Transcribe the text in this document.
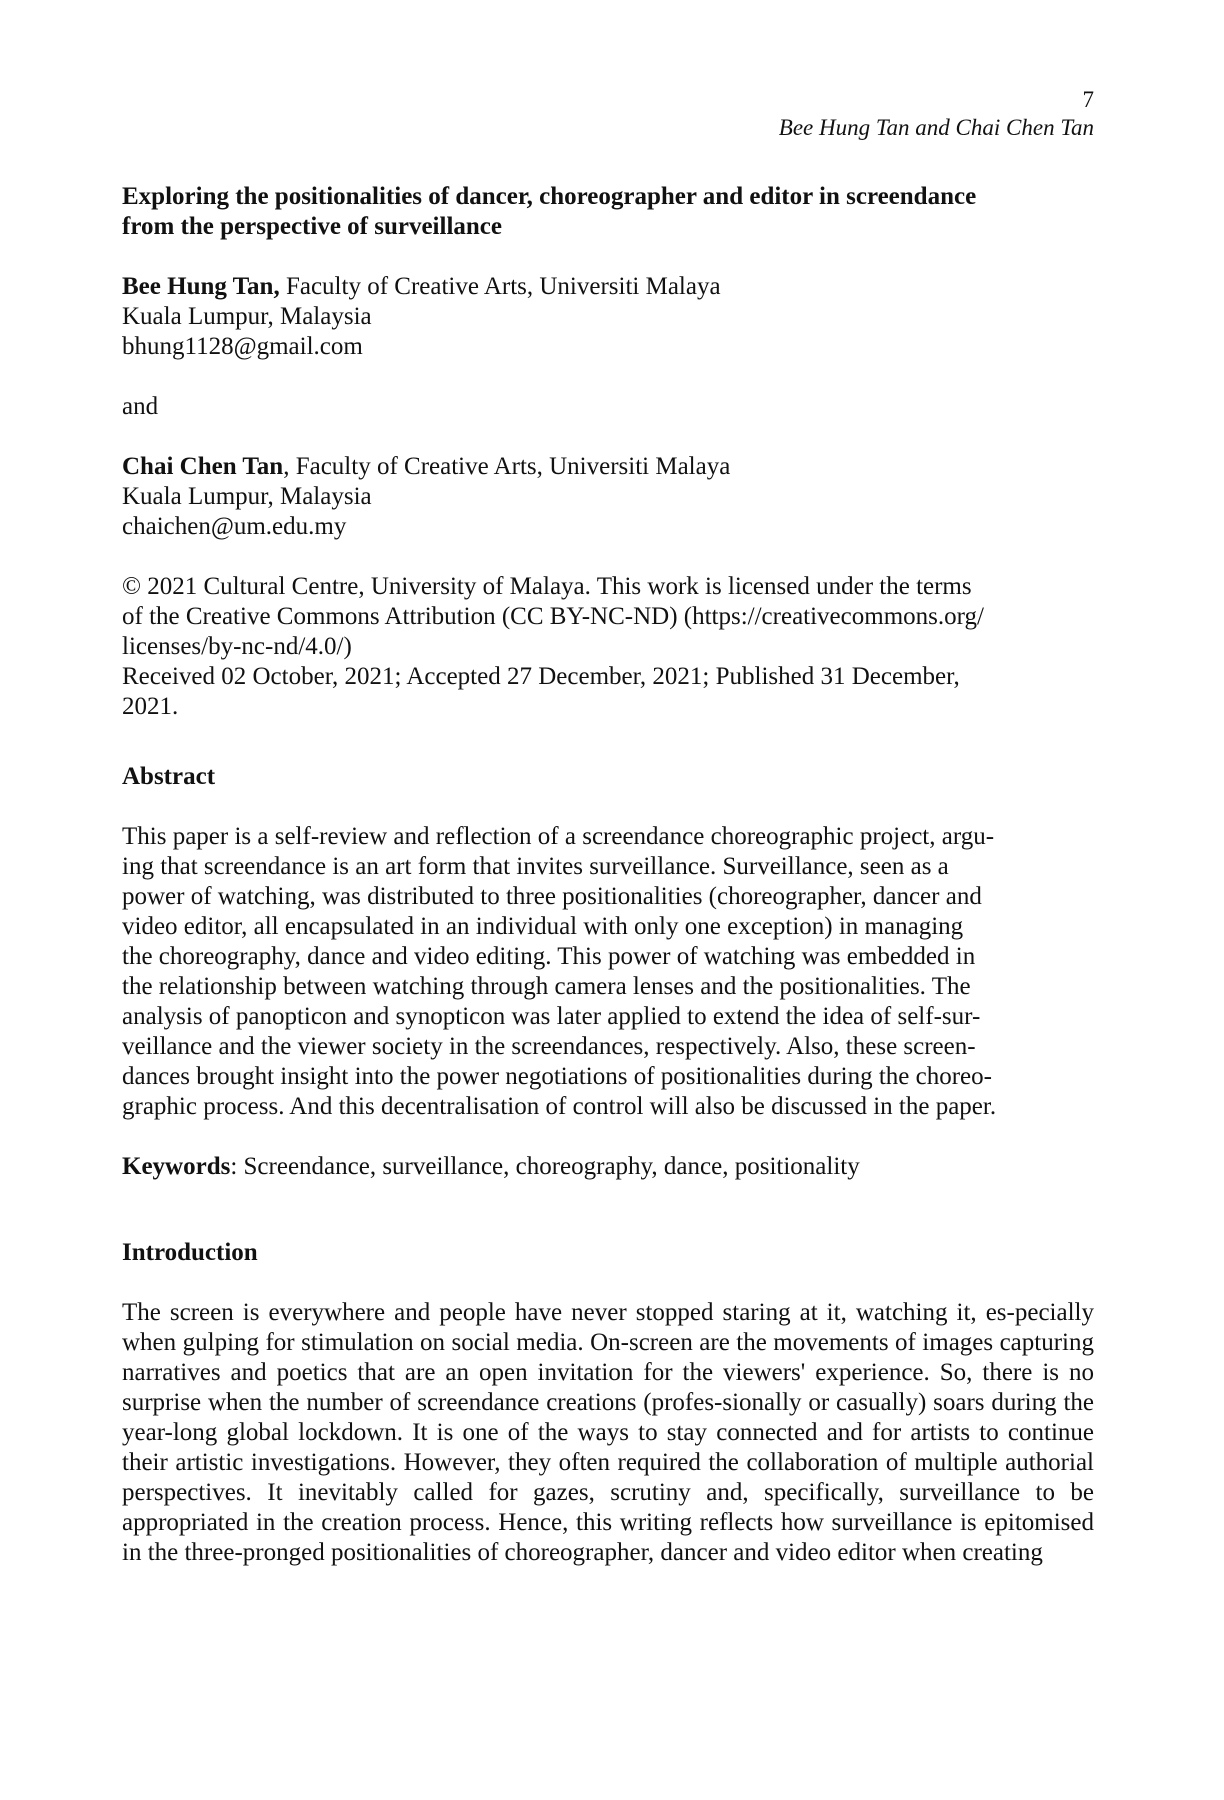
7
Bee Hung Tan and Chai Chen Tan
Exploring the positionalities of dancer, choreographer and editor in screendance
from the perspective of surveillance
Bee Hung Tan, Faculty of Creative Arts, Universiti Malaya
Kuala Lumpur, Malaysia
bhung1128@gmail.com
and
Chai Chen Tan, Faculty of Creative Arts, Universiti Malaya
Kuala Lumpur, Malaysia
chaichen@um.edu.my
© 2021 Cultural Centre, University of Malaya. This work is licensed under the terms
of the Creative Commons Attribution (CC BY-NC-ND) (https://creativecommons.org/
licenses/by-nc-nd/4.0/)
Received 02 October, 2021; Accepted 27 December, 2021; Published 31 December,
2021.
Abstract
This paper is a self-review and reflection of a screendance choreographic project, argu-
ing that screendance is an art form that invites surveillance. Surveillance, seen as a
power of watching, was distributed to three positionalities (choreographer, dancer and
video editor, all encapsulated in an individual with only one exception) in managing
the choreography, dance and video editing. This power of watching was embedded in
the relationship between watching through camera lenses and the positionalities. The
analysis of panopticon and synopticon was later applied to extend the idea of self-sur-
veillance and the viewer society in the screendances, respectively. Also, these screen-
dances brought insight into the power negotiations of positionalities during the choreo-
graphic process. And this decentralisation of control will also be discussed in the paper.
Keywords: Screendance, surveillance, choreography, dance, positionality
Introduction

The screen is everywhere and people have never stopped staring at it, watching it, es-pecially when gulping for stimulation on social media. On-screen are the movements of images capturing narratives and poetics that are an open invitation for the viewers' experience. So, there is no surprise when the number of screendance creations (profes-sionally or casually) soars during the year-long global lockdown. It is one of the ways to stay connected and for artists to continue their artistic investigations. However, they often required the collaboration of multiple authorial perspectives. It inevitably called for gazes, scrutiny and, specifically, surveillance to be appropriated in the creation process. Hence, this writing reflects how surveillance is epitomised in the three-pronged positionalities of choreographer, dancer and video editor when creating
